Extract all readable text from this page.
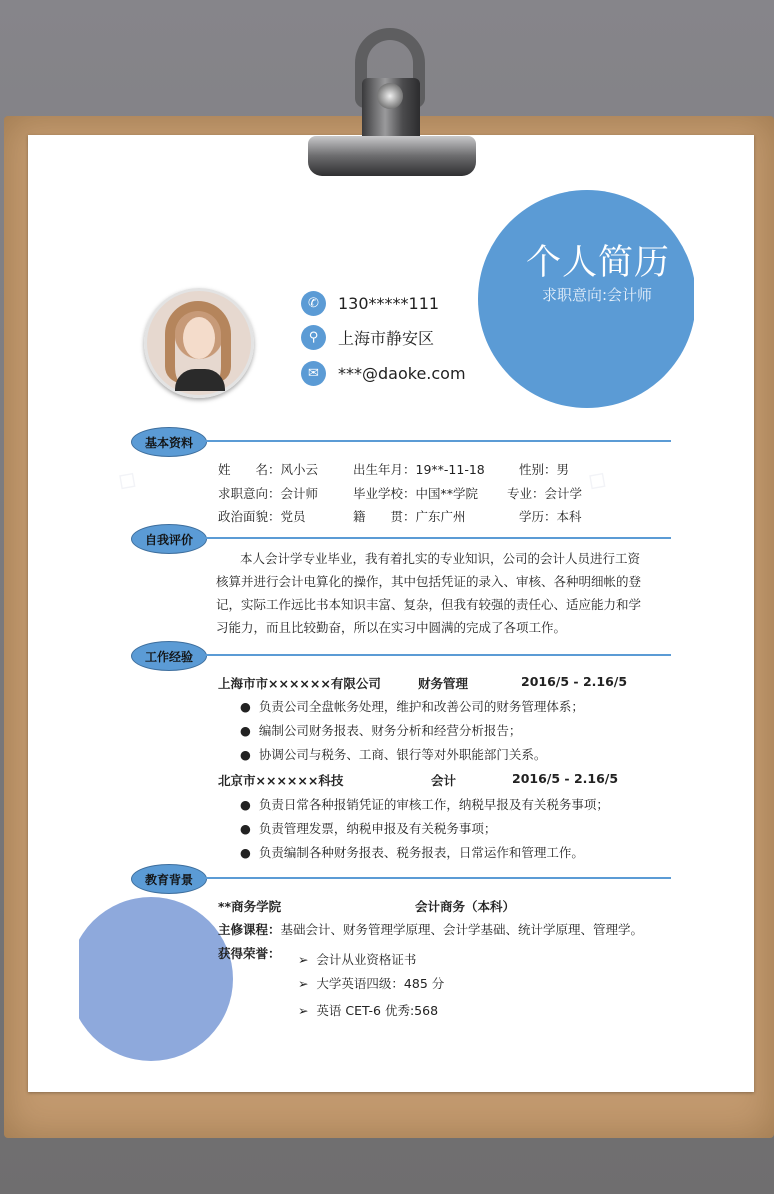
◇	◇
个人简历
求职意向:会计师
✆	130*****111
⚲	上海市静安区
✉	***@daoke.com
基本资料
姓　　名：风小云	出生年月：19**-11-18	性别：男
求职意向：会计师	毕业学校：中国**学院 专业：会计学
政治面貌：党员	籍　　贯：广东广州	学历：本科
自我评价
本人会计学专业毕业，我有着扎实的专业知识，公司的会计人员进行工资核算并进行会计电算化的操作，其中包括凭证的录入、审核、各种明细帐的登记，实际工作远比书本知识丰富、复杂，但我有较强的责任心、适应能力和学习能力，而且比较勤奋，所以在实习中圆满的完成了各项工作。
工作经验
上海市市××××××有限公司	财务管理	2016/5 - 2.16/5
●  负责公司全盘帐务处理，维护和改善公司的财务管理体系；
●  编制公司财务报表、财务分析和经营分析报告；
●  协调公司与税务、工商、银行等对外职能部门关系。
北京市××××××科技	会计	2016/5 - 2.16/5
●  负责日常各种报销凭证的审核工作，纳税早报及有关税务事项；
●  负责管理发票，纳税申报及有关税务事项；
●  负责编制各种财务报表、税务报表，日常运作和管理工作。
教育背景
**商务学院	会计商务（本科）
主修课程：基础会计、财务管理学原理、会计学基础、统计学原理、管理学。
获得荣誉： ➢  会计从业资格证书
➢  大学英语四级：485 分
➢  英语 CET-6 优秀:568
